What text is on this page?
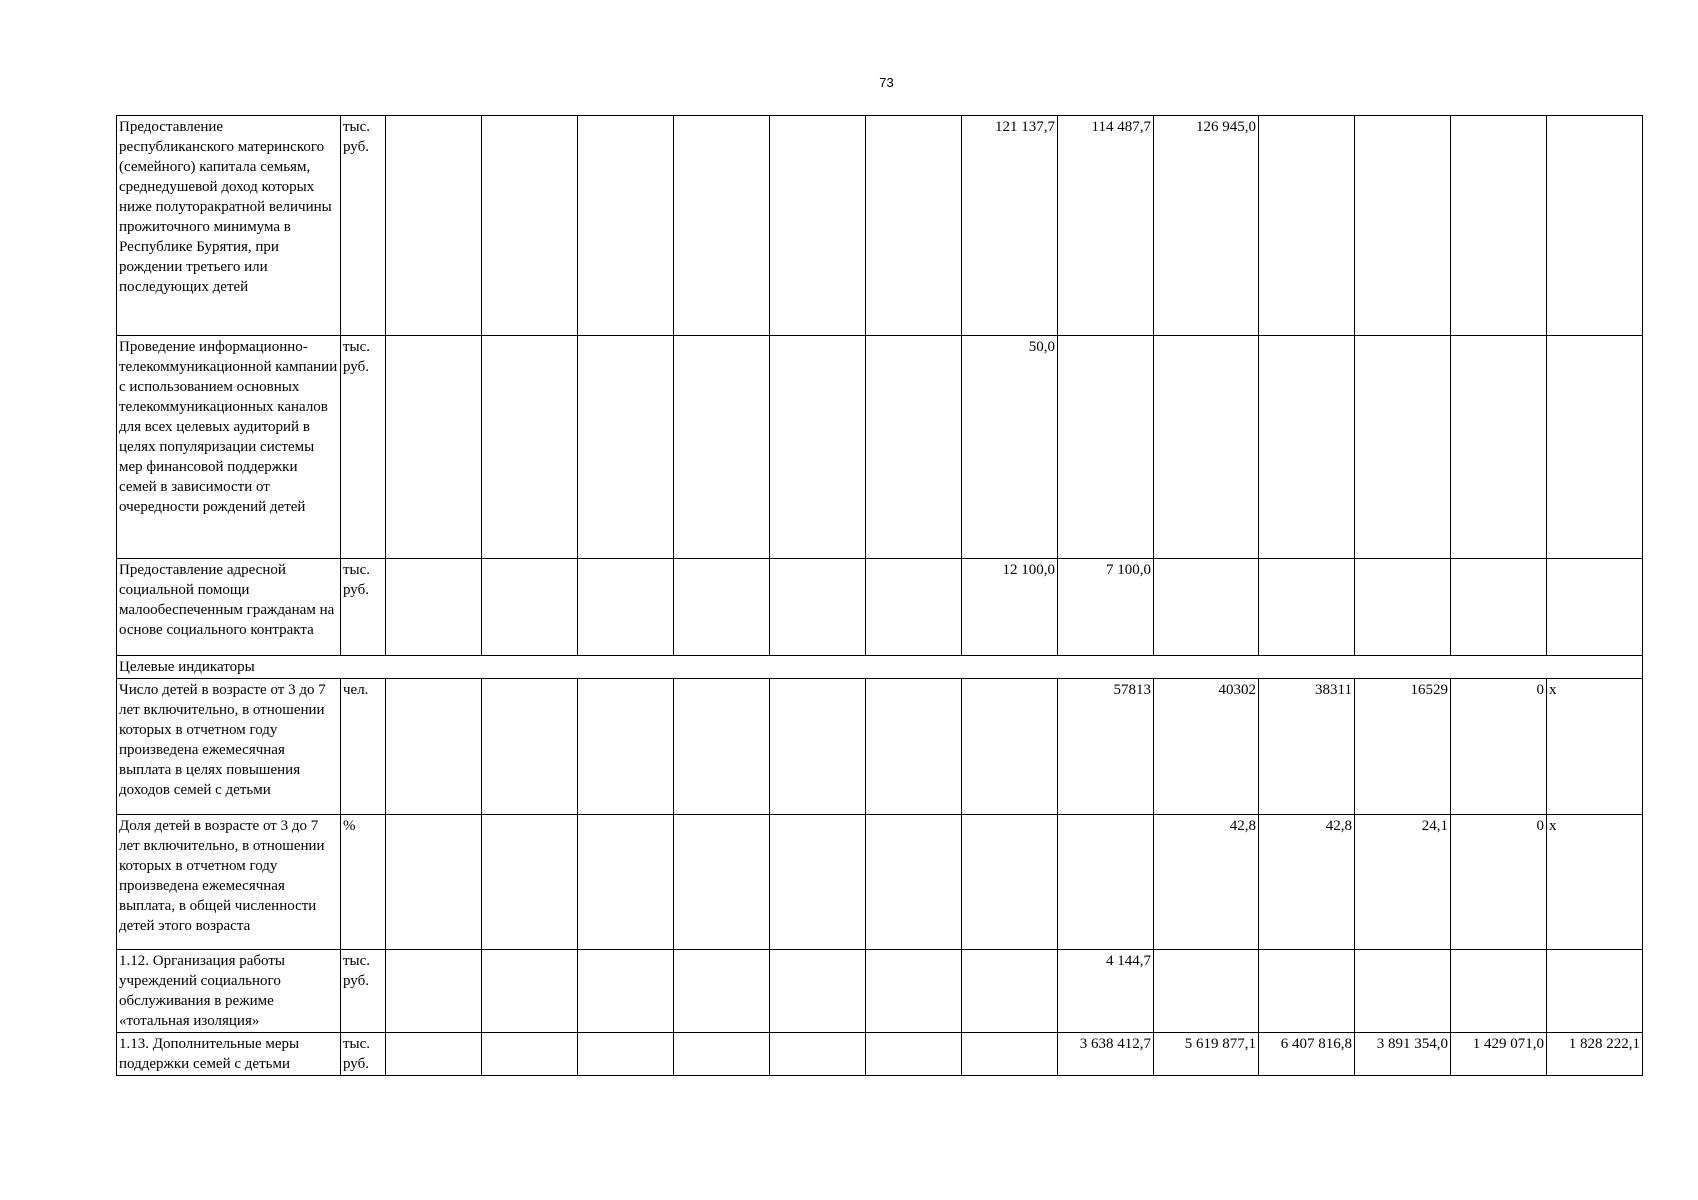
73
Предоставление республиканского материнского (семейного) капитала семьям, среднедушевой доход которых ниже полуторакратной величины прожиточного минимума в Республике Бурятия, при рождении третьего или последующих детей	тыс. руб.							121 137,7	114 487,7	126 945,0				
Проведение информационно-телекоммуникационной кампании с использованием основных телекоммуникационных каналов для всех целевых аудиторий в целях популяризации системы мер финансовой поддержки семей в зависимости от очередности рождений детей	тыс. руб.							50,0						
Предоставление адресной социальной помощи малообеспеченным гражданам на основе социального контракта	тыс. руб.							12 100,0	7 100,0					
Целевые индикаторы														
Число детей в возрасте от 3 до 7 лет включительно, в отношении которых в отчетном году произведена ежемесячная выплата в целях повышения доходов семей с детьми	чел.								57813	40302	38311	16529	0	х
Доля детей в возрасте от 3 до 7 лет включительно, в отношении которых в отчетном году произведена ежемесячная выплата, в общей численности детей этого возраста	%									42,8	42,8	24,1	0	х
1.12. Организация работы учреждений социального обслуживания в режиме «тотальная изоляция»	тыс. руб.								4 144,7					
1.13. Дополнительные меры поддержки семей с детьми	тыс. руб.								3 638 412,7	5 619 877,1	6 407 816,8	3 891 354,0	1 429 071,0	1 828 222,1
